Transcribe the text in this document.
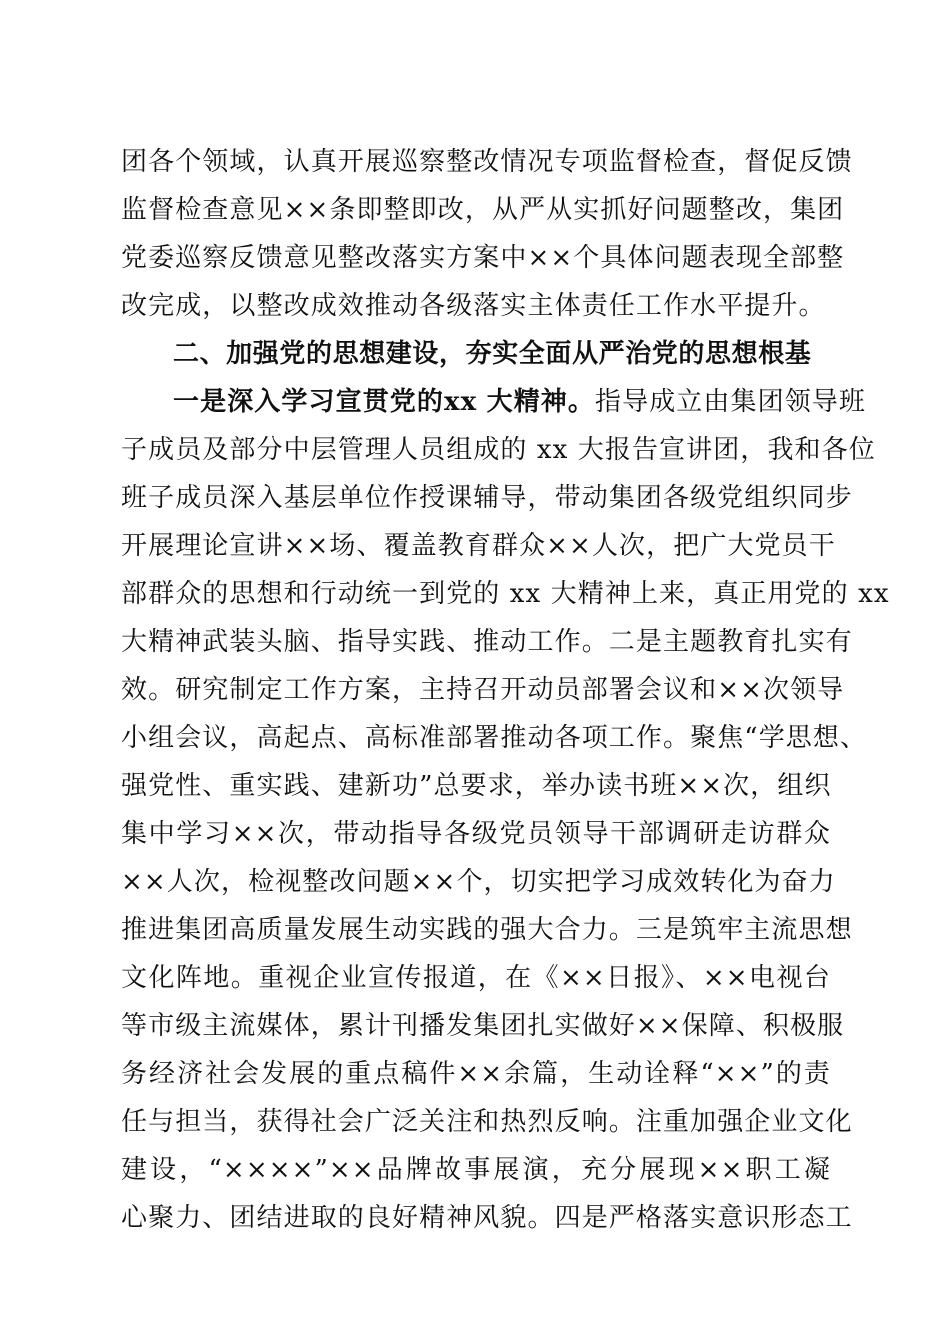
团各个领域，认真开展巡察整改情况专项监督检查，督促反馈
监督检查意见××条即整即改，从严从实抓好问题整改，集团
党委巡察反馈意见整改落实方案中××个具体问题表现全部整
改完成，以整改成效推动各级落实主体责任工作水平提升。
二、加强党的思想建设，夯实全面从严治党的思想根基
一是深入学习宣贯党的xx 大精神。指导成立由集团领导班
子成员及部分中层管理人员组成的 xx 大报告宣讲团，我和各位
班子成员深入基层单位作授课辅导，带动集团各级党组织同步
开展理论宣讲××场、覆盖教育群众××人次，把广大党员干
部群众的思想和行动统一到党的 xx 大精神上来，真正用党的 xx
大精神武装头脑、指导实践、推动工作。二是主题教育扎实有
效。研究制定工作方案，主持召开动员部署会议和××次领导
小组会议，高起点、高标准部署推动各项工作。聚焦“学思想、
强党性、重实践、建新功”总要求，举办读书班××次，组织
集中学习××次，带动指导各级党员领导干部调研走访群众
××人次，检视整改问题××个，切实把学习成效转化为奋力
推进集团高质量发展生动实践的强大合力。三是筑牢主流思想
文化阵地。重视企业宣传报道，在《××日报》、××电视台
等市级主流媒体，累计刊播发集团扎实做好××保障、积极服
务经济社会发展的重点稿件××余篇，生动诠释“××”的责
任与担当，获得社会广泛关注和热烈反响。注重加强企业文化
建设，“××××”××品牌故事展演，充分展现××职工凝
心聚力、团结进取的良好精神风貌。四是严格落实意识形态工
